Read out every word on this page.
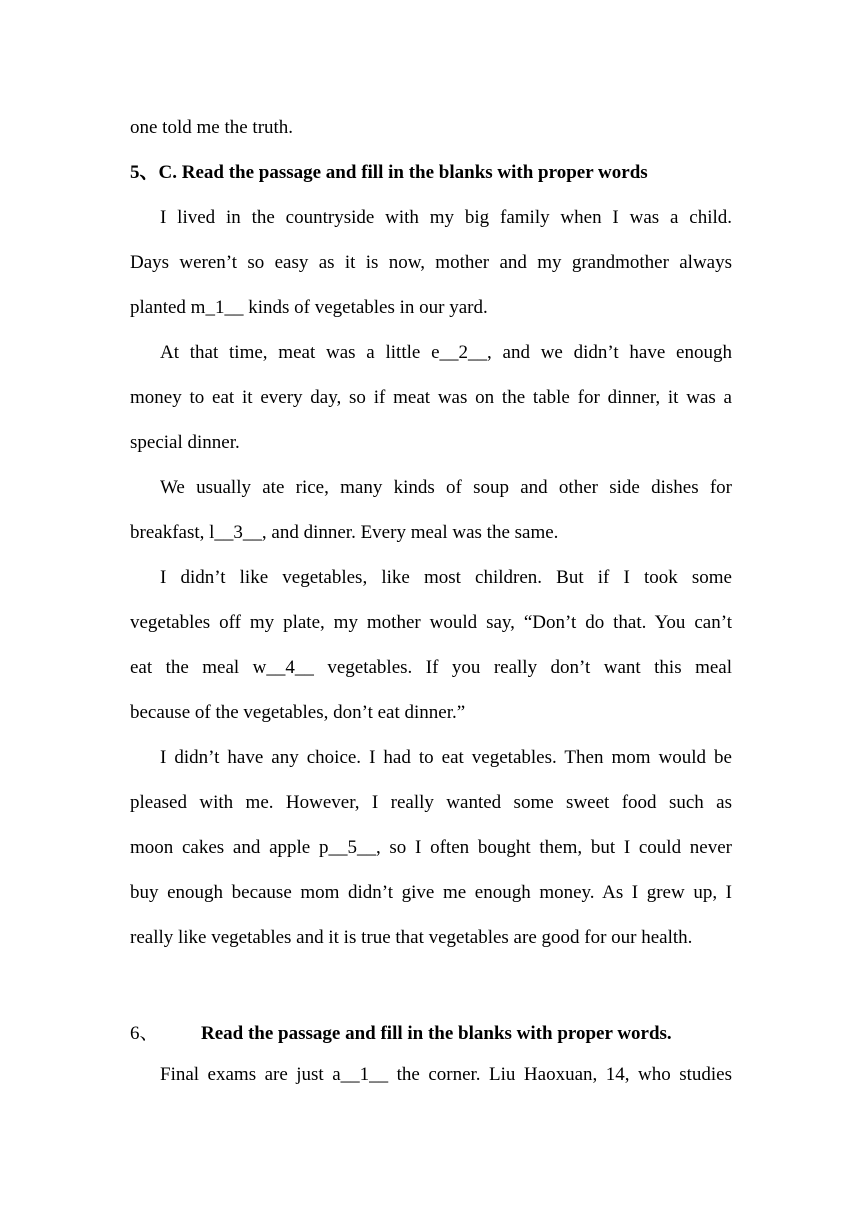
one told me the truth.
5、C. Read the passage and fill in the blanks with proper words
I lived in the countryside with my big family when I was a child.
Days weren’t so easy as it is now, mother and my grandmother always
planted m_1__ kinds of vegetables in our yard.
At that time, meat was a little e__2__, and we didn’t have enough
money to eat it every day, so if meat was on the table for dinner, it was a
special dinner.
We usually ate rice, many kinds of soup and other side dishes for
breakfast, l__3__, and dinner. Every meal was the same.
I didn’t like vegetables, like most children. But if I took some
vegetables off my plate, my mother would say, “Don’t do that. You can’t
eat the meal w__4__ vegetables. If you really don’t want this meal
because of the vegetables, don’t eat dinner.”
I didn’t have any choice. I had to eat vegetables. Then mom would be
pleased with me. However, I really wanted some sweet food such as
moon cakes and apple p__5__, so I often bought them, but I could never
buy enough because mom didn’t give me enough money. As I grew up, I
really like vegetables and it is true that vegetables are good for our health.
6、 Read the passage and fill in the blanks with proper words.
Final exams are just a__1__ the corner. Liu Haoxuan, 14, who studies
